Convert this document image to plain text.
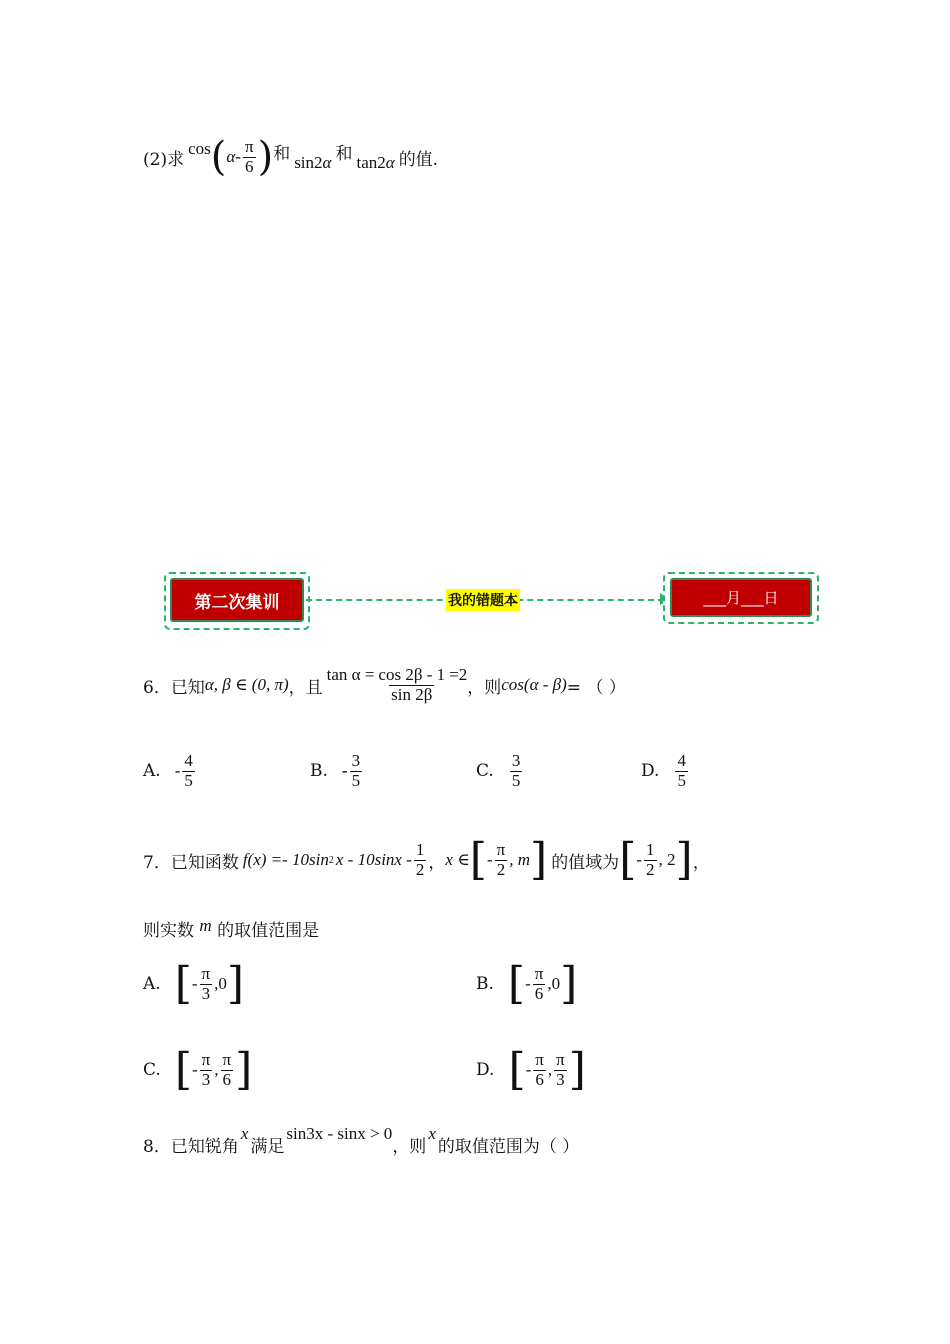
(2)求
cos ( α - $\frac{\pi}{6}$ ) 和 sin2α 和 tan2α 的值.
第二次集训	我的错题本	___月___日
6．已知 α, β ∈ (0, π) ，且
$\tan \alpha = \frac{\cos 2\beta - 1}{\sin 2\beta} =2$
，则 cos(α - β) = （ ）
A. - $\frac{4}{5}$	B. - $\frac{3}{5}$	C. $\frac{3}{5}$	D. $\frac{4}{5}$
7．已知函数 f(x) =- 10sin 2 x - $10\sin x - \frac{1}{2}$ ， x ∈ [ - $\frac{\pi}{2}$ , m ] 的值域为 [ - $\frac{1}{2}$ , 2 ] ，
则实数 m 的取值范围是
A. [ - $\frac{\pi}{3} ,0$ ]	B. [ - $\frac{\pi}{6} ,0$ ]
C. [ - $\frac{\pi}{3}$ , $\frac{\pi}{6}$ ]	D. [ - $\frac{\pi}{6}$ , $\frac{\pi}{3}$ ]
8．已知锐角
x
满足
sin3x - sinx > 0
，则
x
的取值范围为（ ）
